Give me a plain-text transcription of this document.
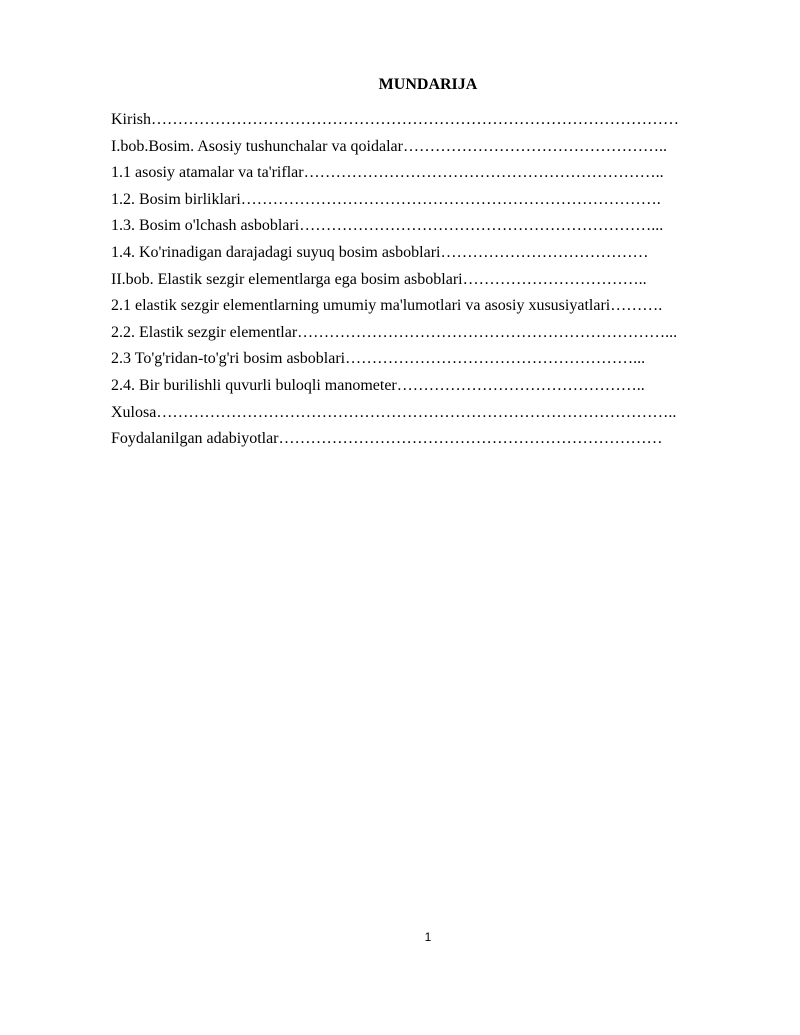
MUNDARIJA
Kirish………………………………………………………………………………………
I.bob.Bosim. Asosiy tushunchalar va qoidalar…………………………………………..
1.1 asosiy atamalar va ta'riflar…………………………………………………………..
1.2. Bosim birliklari…………………………………………………………………….
1.3. Bosim o'lchash asboblari…………………………………………………………...
1.4. Ko'rinadigan darajadagi suyuq bosim asboblari…………………………………
II.bob. Elastik sezgir elementlarga ega bosim asboblari……………………………..
2.1 elastik sezgir elementlarning umumiy ma'lumotlari va asosiy xususiyatlari……….
2.2. Elastik sezgir elementlar……………………………………………………………...
2.3 To'g'ridan-to'g'ri bosim asboblari………………………………………………...
2.4. Bir burilishli quvurli buloqli manometer………………………………………..
Xulosa……………………………………………………………………………………..
Foydalanilgan adabiyotlar………………………………………………………………
1
